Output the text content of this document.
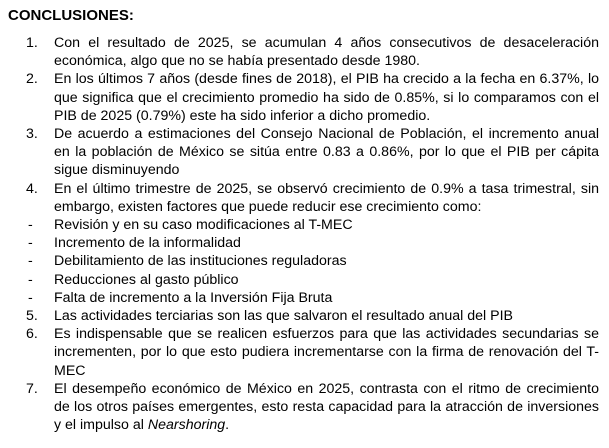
CONCLUSIONES:
1.	Con el resultado de 2025, se acumulan 4 años consecutivos de desaceleración económica, algo que no se había presentado desde 1980.
2.	En los últimos 7 años (desde fines de 2018), el PIB ha crecido a la fecha en 6.37%, lo que significa que el crecimiento promedio ha sido de 0.85%, si lo comparamos con el PIB de 2025 (0.79%) este ha sido inferior a dicho promedio.
3.	De acuerdo a estimaciones del Consejo Nacional de Población, el incremento anual en la población de México se sitúa entre 0.83 a 0.86%, por lo que el PIB per cápita sigue disminuyendo
4.	En el último trimestre de 2025, se observó crecimiento de 0.9% a tasa trimestral, sin embargo, existen factores que puede reducir ese crecimiento como:
-	Revisión y en su caso modificaciones al T-MEC
-	Incremento de la informalidad
-	Debilitamiento de las instituciones reguladoras
-	Reducciones al gasto público
-	Falta de incremento a la Inversión Fija Bruta
5.	Las actividades terciarias son las que salvaron el resultado anual del PIB
6.	Es indispensable que se realicen esfuerzos para que las actividades secundarias se incrementen, por lo que esto pudiera incrementarse con la firma de renovación del T-MEC
7.	El desempeño económico de México en 2025, contrasta con el ritmo de crecimiento de los otros países emergentes, esto resta capacidad para la atracción de inversiones y el impulso al Nearshoring.
